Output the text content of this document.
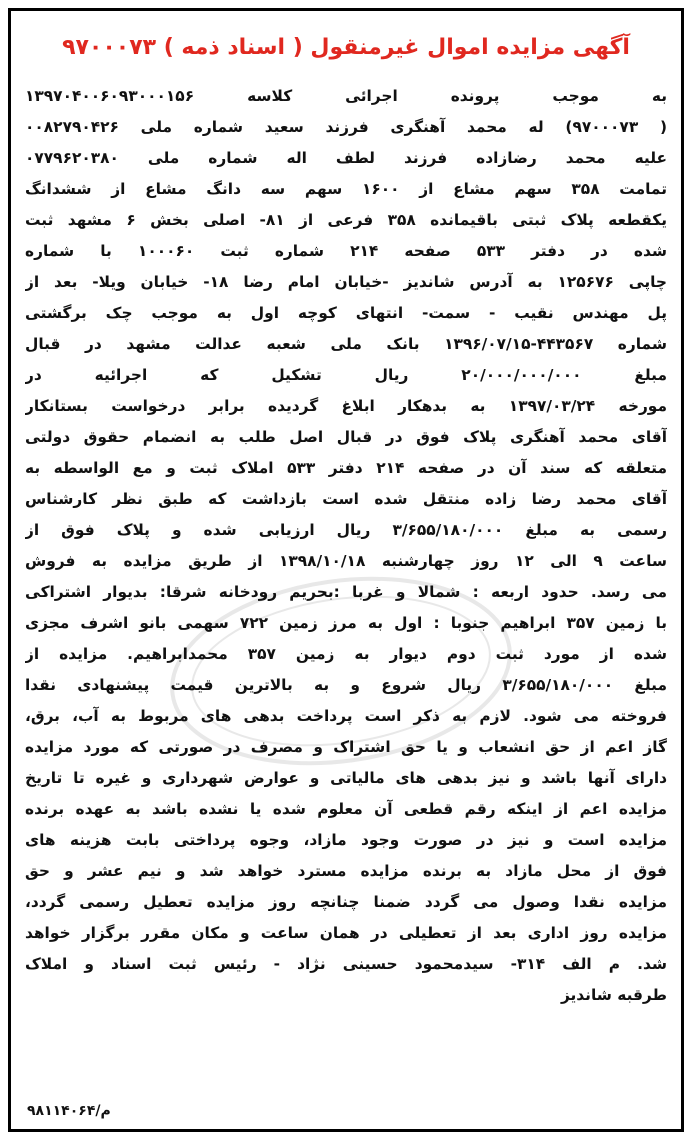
آگهی مزایده اموال غیرمنقول ( اسناد ذمه ) ۹۷۰۰۰۷۳
به موجب پرونده اجرائی کلاسه ۱۳۹۷۰۴۰۰۶۰۹۳۰۰۰۱۵۶
( ۹۷۰۰۰۷۳) له محمد آهنگری فرزند سعید شماره ملی ۰۰۸۲۷۹۰۴۲۶
علیه محمد رضازاده فرزند لطف اله شماره ملی ۰۷۷۹۶۲۰۳۸۰
تمامت ۳۵۸ سهم مشاع از ۱۶۰۰ سهم سه دانگ مشاع از ششدانگ
یکقطعه پلاک ثبتی باقیمانده ۳۵۸ فرعی از ۸۱- اصلی بخش ۶ مشهد ثبت
شده در دفتر ۵۳۳ صفحه ۲۱۴ شماره ثبت ۱۰۰۰۶۰ با شماره
چاپی ۱۲۵۶۷۶ به آدرس شاندیز -خیابان امام رضا ۱۸- خیابان ویلا- بعد از
پل مهندس نقیب - سمت- انتهای کوچه اول به موجب چک برگشتی
شماره ۴۴۳۵۶۷-۱۳۹۶/۰۷/۱۵ بانک ملی شعبه عدالت مشهد در قبال
مبلغ ۲۰/۰۰۰/۰۰۰/۰۰۰ ریال تشکیل که اجرائیه در
مورخه ۱۳۹۷/۰۳/۲۴ به بدهکار ابلاغ گردیده برابر درخواست بستانکار
آقای محمد آهنگری پلاک فوق در قبال اصل طلب به انضمام حقوق دولتی
متعلقه که سند آن در صفحه ۲۱۴ دفتر ۵۳۳ املاک ثبت و مع الواسطه به
آقای محمد رضا زاده منتقل شده است بازداشت که طبق نظر کارشناس
رسمی به مبلغ ۳/۶۵۵/۱۸۰/۰۰۰ ریال ارزیابی شده و پلاک فوق از
ساعت ۹ الی ۱۲ روز چهارشنبه ۱۳۹۸/۱۰/۱۸ از طریق مزایده به فروش
می رسد. حدود اربعه : شمالا و غربا :بحریم رودخانه شرقا: بدیوار اشتراکی
با زمین ۳۵۷ ابراهیم جنوبا : اول به مرز زمین ۷۲۲ سهمی بانو اشرف مجزی
شده از مورد ثبت دوم دیوار به زمین ۳۵۷ محمدابراهیم. مزایده از
مبلغ ۳/۶۵۵/۱۸۰/۰۰۰ ریال شروع و به بالاترین قیمت پیشنهادی نقدا
فروخته می شود. لازم به ذکر است پرداخت بدهی های مربوط به آب، برق،
گاز اعم از حق انشعاب و یا حق اشتراک و مصرف در صورتی که مورد مزایده
دارای آنها باشد و نیز بدهی های مالیاتی و عوارض شهرداری و غیره تا تاریخ
مزایده اعم از اینکه رقم قطعی آن معلوم شده یا نشده باشد به عهده برنده
مزایده است و نیز در صورت وجود مازاد، وجوه پرداختی بابت هزینه های
فوق از محل مازاد به برنده مزایده مسترد خواهد شد و نیم عشر و حق
مزایده نقدا وصول می گردد ضمنا چنانچه روز مزایده تعطیل رسمی گردد،
مزایده روز اداری بعد از تعطیلی در همان ساعت و مکان مقرر برگزار خواهد
شد. م الف ۳۱۴- سیدمحمود حسینی نژاد - رئیس ثبت اسناد و املاک
طرقبه شاندیز
م/۹۸۱۱۴۰۶۴
